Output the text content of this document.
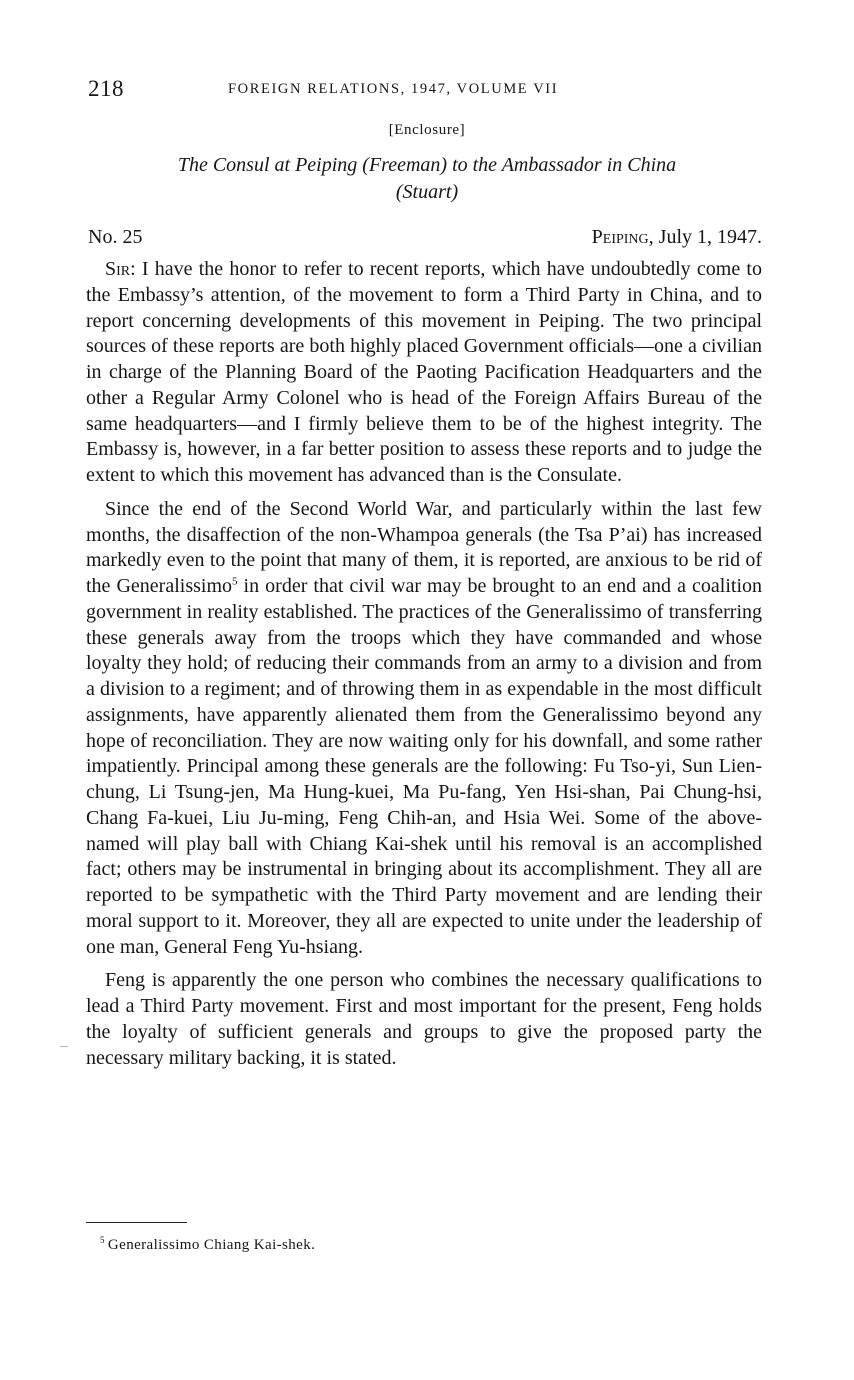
218	FOREIGN RELATIONS, 1947, VOLUME VII
[Enclosure]
The Consul at Peiping (Freeman) to the Ambassador in China
(Stuart)
No. 25	Peiping, July 1, 1947.

Sir: I have the honor to refer to recent reports, which have undoubtedly come to the Embassy’s attention, of the movement to form a Third Party in China, and to report concerning developments of this movement in Peiping. The two principal sources of these reports are both highly placed Government officials—one a civilian in charge of the Planning Board of the Paoting Pacification Headquarters and the other a Regular Army Colonel who is head of the Foreign Affairs Bureau of the same headquarters—and I firmly believe them to be of the highest integrity. The Embassy is, however, in a far better position to assess these reports and to judge the extent to which this movement has advanced than is the Consulate.

Since the end of the Second World War, and particularly within the last few months, the disaffection of the non-Whampoa generals (the Tsa P’ai) has increased markedly even to the point that many of them, it is reported, are anxious to be rid of the Generalissimo$^5$ in order that civil war may be brought to an end and a coalition government in reality established. The practices of the Generalissimo of transferring these generals away from the troops which they have commanded and whose loyalty they hold; of reducing their commands from an army to a division and from a division to a regiment; and of throwing them in as expendable in the most difficult assignments, have apparently alienated them from the Generalissimo beyond any hope of reconciliation. They are now waiting only for his downfall, and some rather impatiently. Principal among these generals are the following: Fu Tso-yi, Sun Lien-chung, Li Tsung-jen, Ma Hung-kuei, Ma Pu-fang, Yen Hsi-shan, Pai Chung-hsi, Chang Fa-kuei, Liu Ju-ming, Feng Chih-an, and Hsia Wei. Some of the above-named will play ball with Chiang Kai-shek until his removal is an accomplished fact; others may be instrumental in bringing about its accomplishment. They all are reported to be sympathetic with the Third Party movement and are lending their moral support to it. Moreover, they all are expected to unite under the leadership of one man, General Feng Yu-hsiang.

Feng is apparently the one person who combines the necessary qualifications to lead a Third Party movement. First and most important for the present, Feng holds the loyalty of sufficient generals and groups to give the proposed party the necessary military backing, it is stated.

$^5$ Generalissimo Chiang Kai-shek.
